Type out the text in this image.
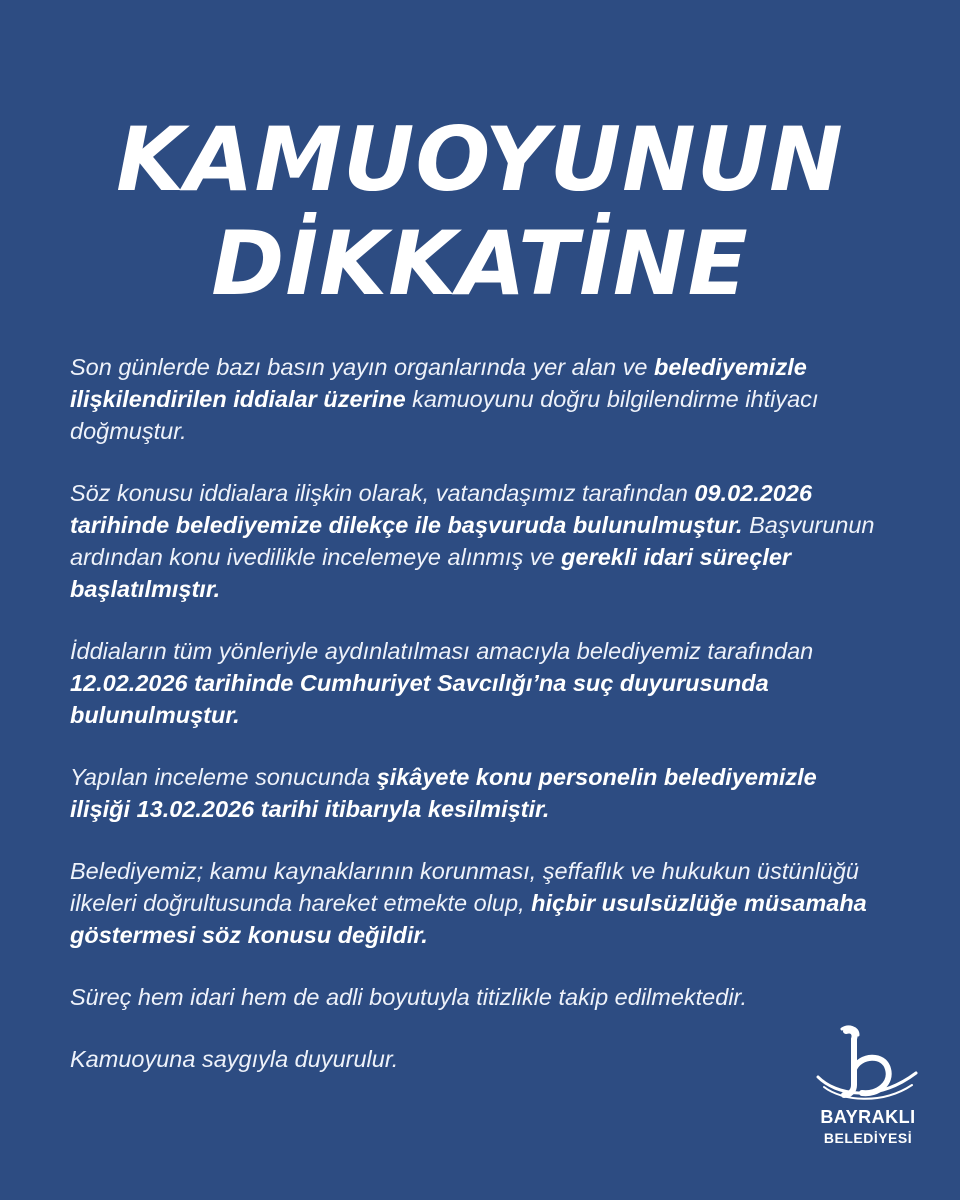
KAMUOYUNUN
DİKKATİNE

Son günlerde bazı basın yayın organlarında yer alan ve belediyemizle ilişkilendirilen iddialar üzerine kamuoyunu doğru bilgilendirme ihtiyacı doğmuştur.

Söz konusu iddialara ilişkin olarak, vatandaşımız tarafından 09.02.2026 tarihinde belediyemize dilekçe ile başvuruda bulunulmuştur. Başvurunun ardından konu ivedilikle incelemeye alınmış ve gerekli idari süreçler başlatılmıştır.

İddiaların tüm yönleriyle aydınlatılması amacıyla belediyemiz tarafından 12.02.2026 tarihinde Cumhuriyet Savcılığı’na suç duyurusunda bulunulmuştur.

Yapılan inceleme sonucunda şikâyete konu personelin belediyemizle ilişiği 13.02.2026 tarihi itibarıyla kesilmiştir.

Belediyemiz; kamu kaynaklarının korunması, şeffaflık ve hukukun üstünlüğü ilkeleri doğrultusunda hareket etmekte olup, hiçbir usulsüzlüğe müsamaha göstermesi söz konusu değildir.

Süreç hem idari hem de adli boyutuyla titizlikle takip edilmektedir.

Kamuoyuna saygıyla duyurulur.

BAYRAKLI
BELEDİYESİ
